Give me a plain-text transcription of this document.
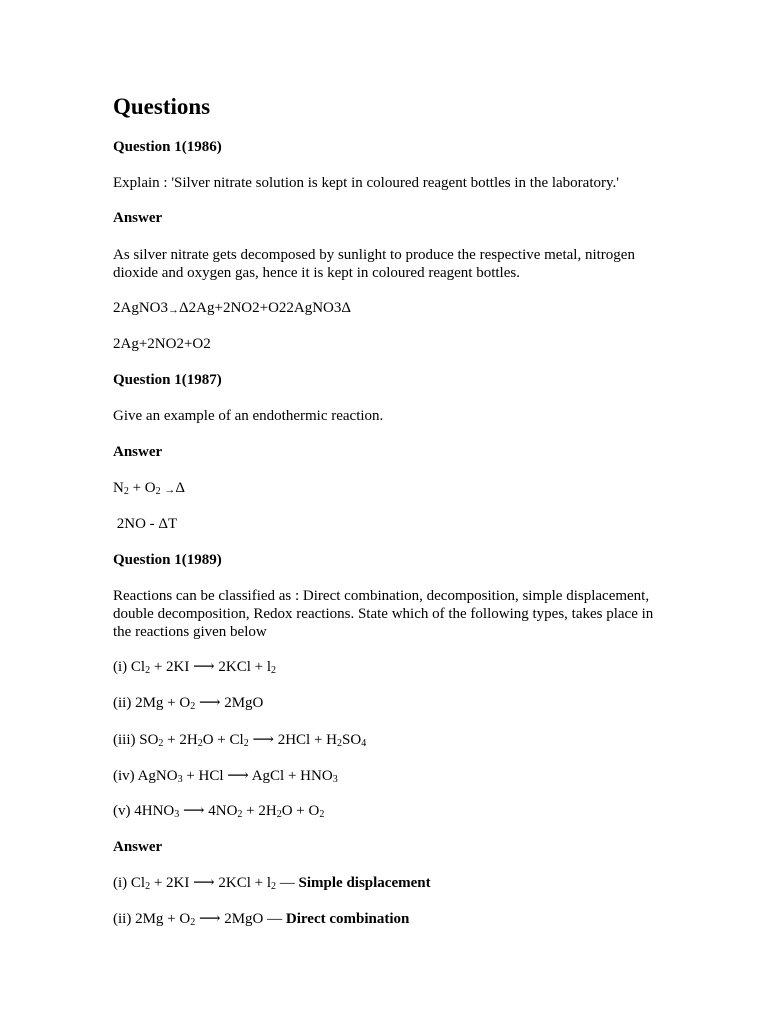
Questions
Question 1(1986)
Explain : 'Silver nitrate solution is kept in coloured reagent bottles in the laboratory.'
Answer
As silver nitrate gets decomposed by sunlight to produce the respective metal, nitrogen dioxide and oxygen gas, hence it is kept in coloured reagent bottles.
2AgNO3→Δ2Ag+2NO2+O22AgNO3Δ
2Ag+2NO2+O2
Question 1(1987)
Give an example of an endothermic reaction.
Answer
$N_2 + O_2 \to\Delta$
2NO - ΔT
Question 1(1989)
Reactions can be classified as : Direct combination, decomposition, simple displacement, double decomposition, Redox reactions. State which of the following types, takes place in the reactions given below
(i) $Cl_2 + 2KI$ ⟶ $2KCl + l_2$
(ii) $2Mg + O_2$ ⟶ 2MgO
(iii) $SO_2 + 2H_2O + Cl_2$ ⟶ $2HCl + H_2SO_4$
(iv) AgNO$_3$ + HCl ⟶ AgCl + $HNO_3$
(v) $4HNO_3$ ⟶ $4NO_2 + 2H_2O + O_2$
Answer
(i) $Cl_2 + 2KI$ ⟶ $2KCl + l_2$ — Simple displacement
(ii) $2Mg + O_2$ ⟶ 2MgO — Direct combination
